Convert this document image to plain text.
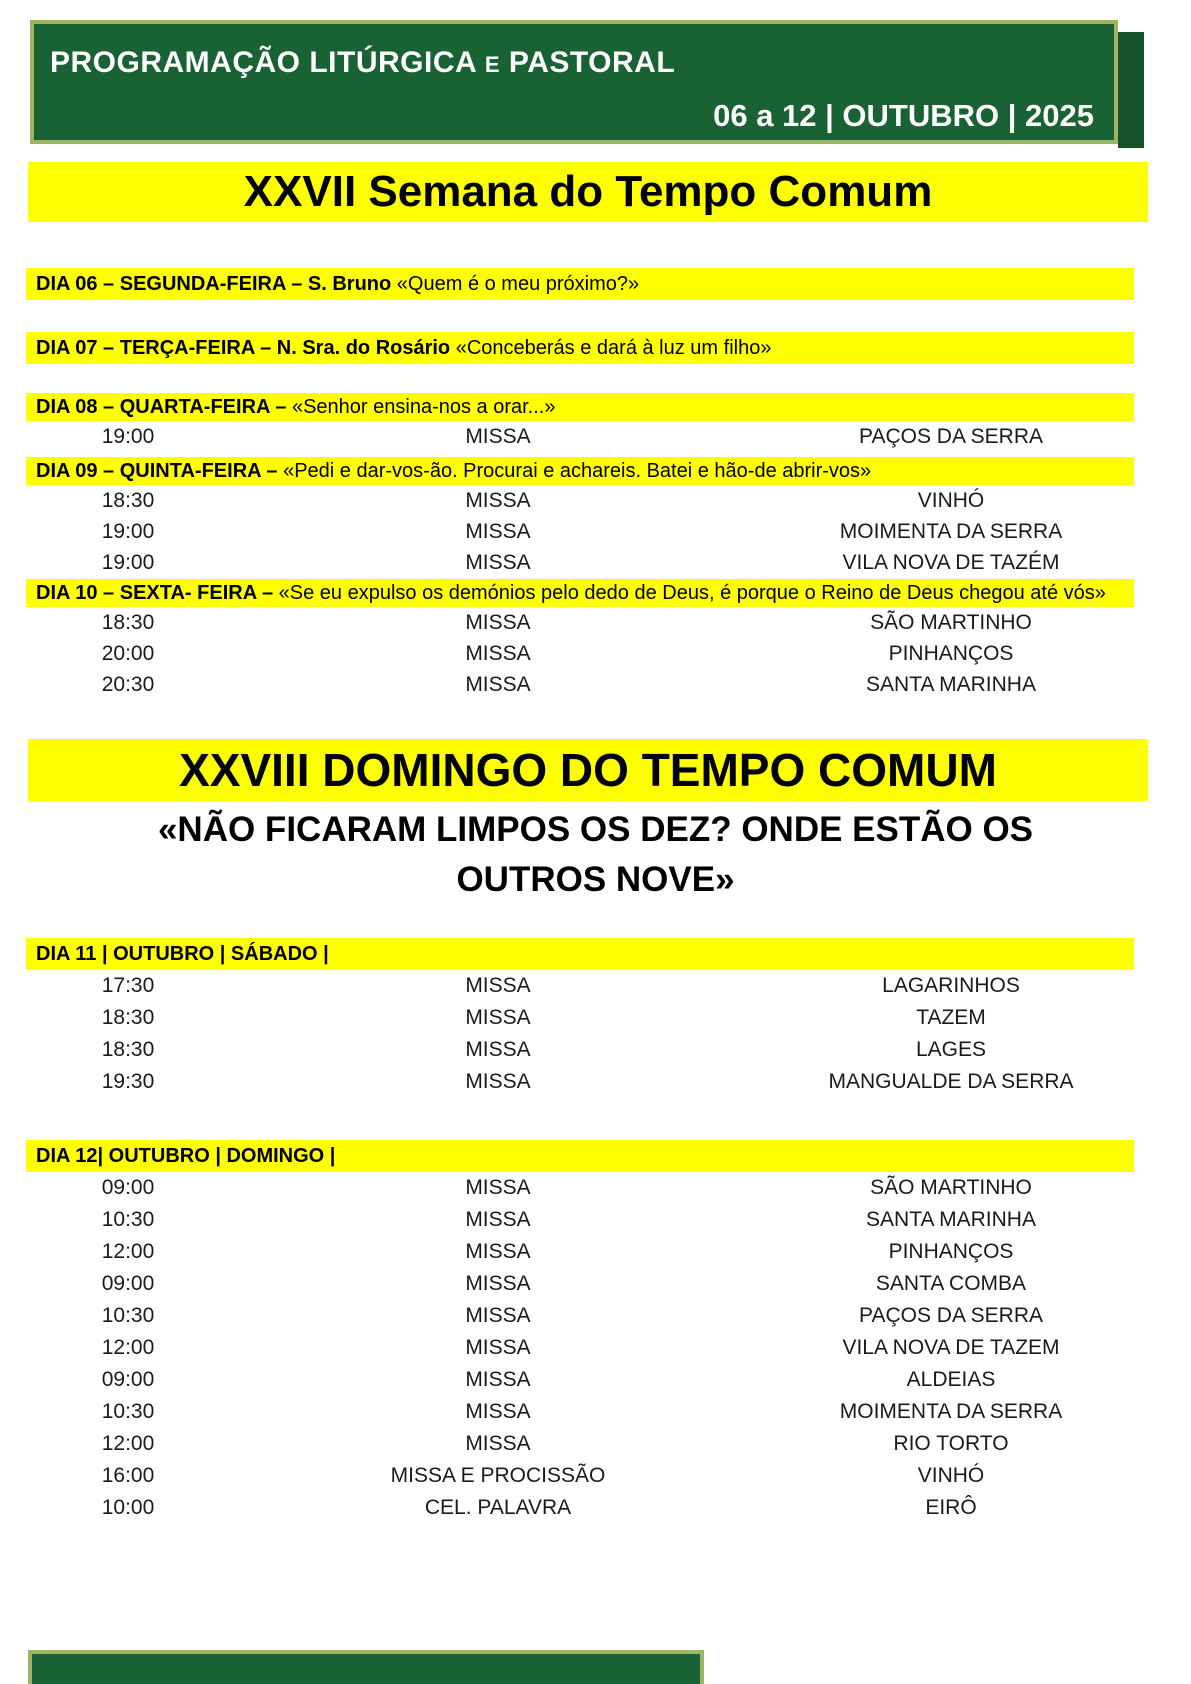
PROGRAMAÇÃO LITÚRGICA E PASTORAL
06 a 12 | OUTUBRO | 2025
XXVII Semana do Tempo Comum
DIA 06 – SEGUNDA-FEIRA – S. Bruno «Quem é o meu próximo?»
DIA 07 – TERÇA-FEIRA – N. Sra. do Rosário «Conceberás e dará à luz um filho»
DIA 08 – QUARTA-FEIRA – «Senhor ensina-nos a orar...»
19:00	MISSA	PAÇOS DA SERRA
DIA 09 – QUINTA-FEIRA – «Pedi e dar-vos-ão. Procurai e achareis. Batei e hão-de abrir-vos»
18:30	MISSA	VINHÓ
19:00	MISSA	MOIMENTA DA SERRA
19:00	MISSA	VILA NOVA DE TAZÉM
DIA 10 – SEXTA- FEIRA – «Se eu expulso os demónios pelo dedo de Deus, é porque o Reino de Deus chegou até vós»
18:30	MISSA	SÃO MARTINHO
20:00	MISSA	PINHANÇOS
20:30	MISSA	SANTA MARINHA
XXVIII DOMINGO DO TEMPO COMUM
«NÃO FICARAM LIMPOS OS DEZ? ONDE ESTÃO OS OUTROS NOVE»
DIA 11 | OUTUBRO | SÁBADO |
17:30	MISSA	LAGARINHOS
18:30	MISSA	TAZEM
18:30	MISSA	LAGES
19:30	MISSA	MANGUALDE DA SERRA
DIA 12| OUTUBRO | DOMINGO |
09:00	MISSA	SÃO MARTINHO
10:30	MISSA	SANTA MARINHA
12:00	MISSA	PINHANÇOS
09:00	MISSA	SANTA COMBA
10:30	MISSA	PAÇOS DA SERRA
12:00	MISSA	VILA NOVA DE TAZEM
09:00	MISSA	ALDEIAS
10:30	MISSA	MOIMENTA DA SERRA
12:00	MISSA	RIO TORTO
16:00	MISSA E PROCISSÃO	VINHÓ
10:00	CEL. PALAVRA	EIRÔ
